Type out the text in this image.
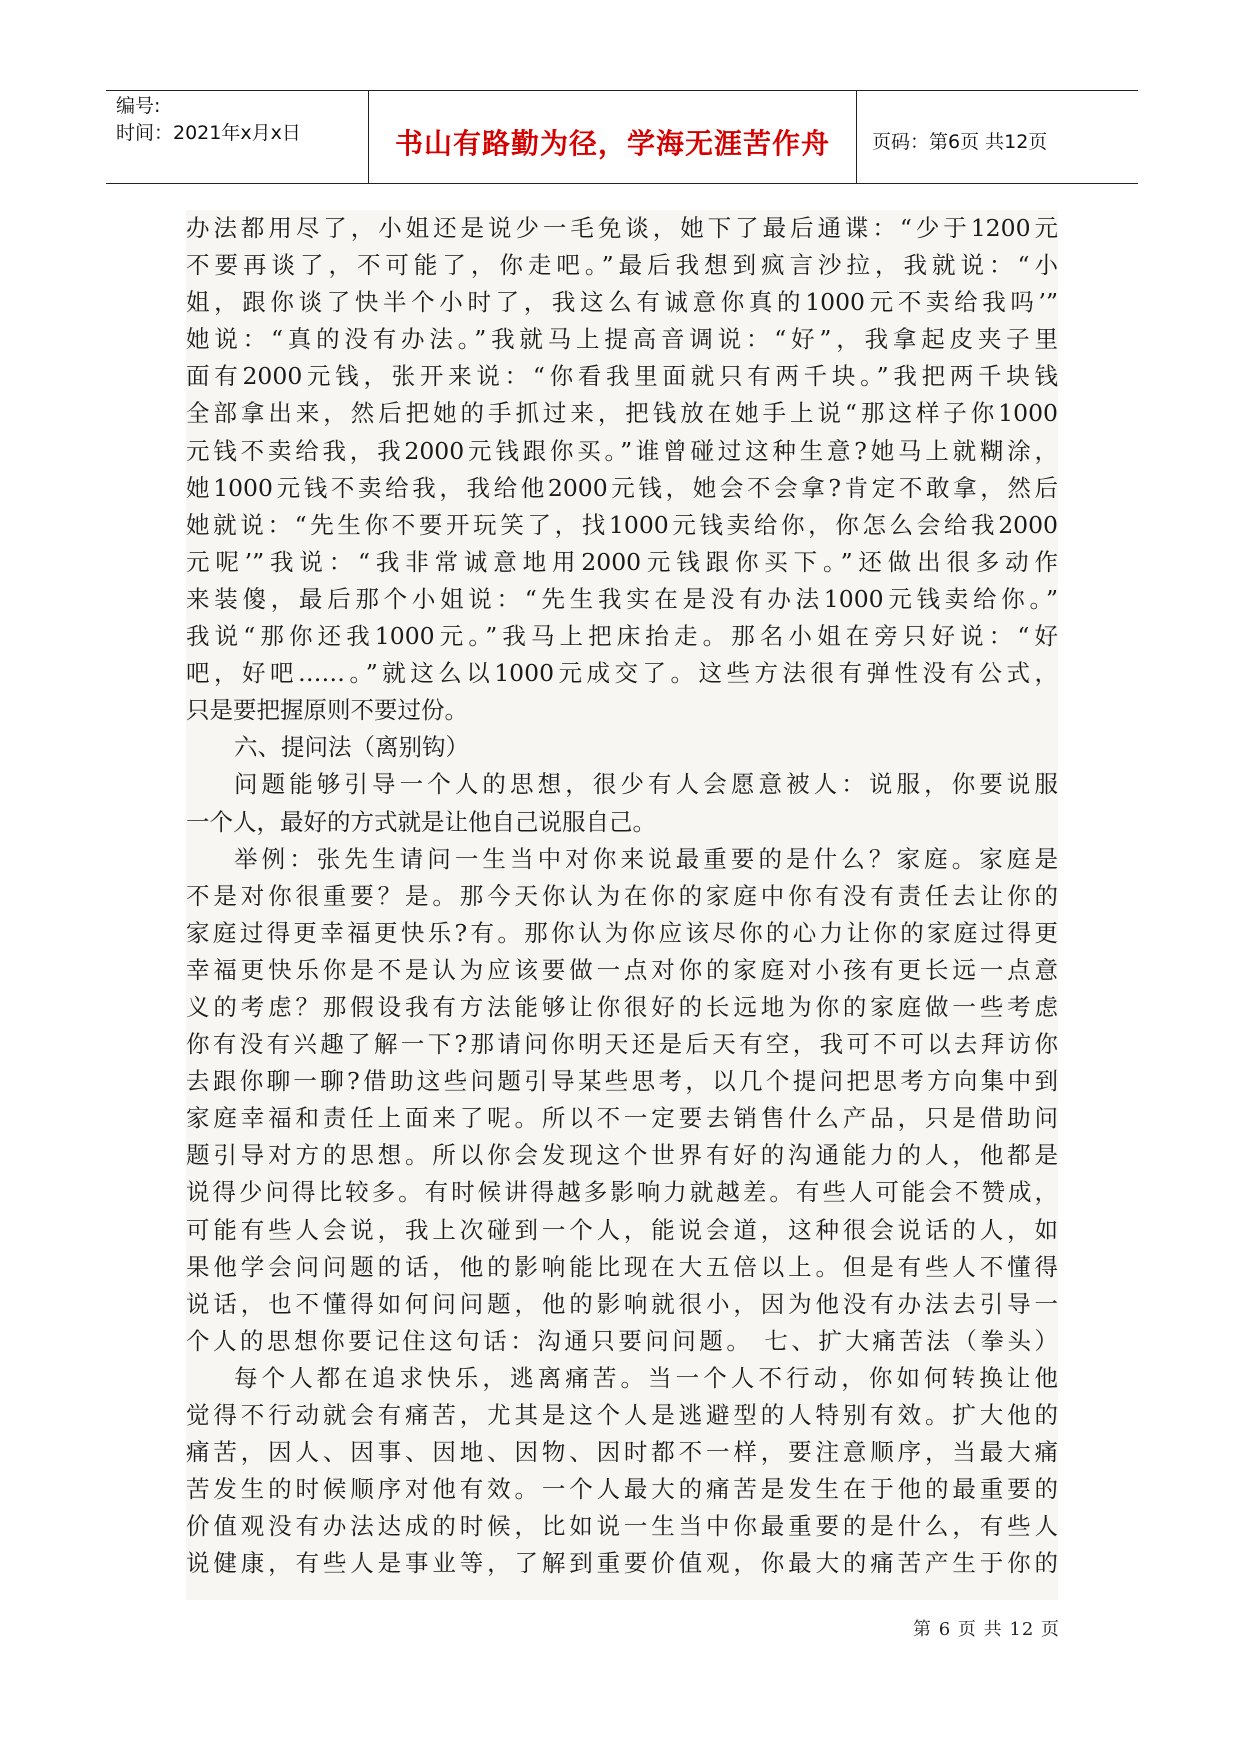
编号:
时间：2021年x月x日	书山有路勤为径，学海无涯苦作舟	页码：第6页 共12页
办法都用尽了，小姐还是说少一毛免谈，她下了最后通谍：“少于1200元
不要再谈了，不可能了，你走吧。”最后我想到疯言沙拉，我就说：“小
姐，跟你谈了快半个小时了，我这么有诚意你真的1000元不卖给我吗’”
她说：“真的没有办法。”我就马上提高音调说：“好”，我拿起皮夹子里
面有2000元钱，张开来说：“你看我里面就只有两千块。”我把两千块钱
全部拿出来，然后把她的手抓过来，把钱放在她手上说“那这样子你1000
元钱不卖给我，我2000元钱跟你买。”谁曾碰过这种生意?她马上就糊涂，
她1000元钱不卖给我，我给他2000元钱，她会不会拿?肯定不敢拿，然后
她就说：“先生你不要开玩笑了，找1000元钱卖给你，你怎么会给我2000
元呢’”我说：“我非常诚意地用2000元钱跟你买下。”还做出很多动作
来装傻，最后那个小姐说：“先生我实在是没有办法1000元钱卖给你。”
我说“那你还我1000元。”我马上把床抬走。那名小姐在旁只好说：“好
吧，好吧……。”就这么以1000元成交了。这些方法很有弹性没有公式，
只是要把握原则不要过份。
六、提问法（离别钩）
问题能够引导一个人的思想，很少有人会愿意被人：说服，你要说服
一个人，最好的方式就是让他自己说服自己。
举例：张先生请问一生当中对你来说最重要的是什么？家庭。家庭是
不是对你很重要？是。那今天你认为在你的家庭中你有没有责任去让你的
家庭过得更幸福更快乐?有。那你认为你应该尽你的心力让你的家庭过得更
幸福更快乐你是不是认为应该要做一点对你的家庭对小孩有更长远一点意
义的考虑？那假设我有方法能够让你很好的长远地为你的家庭做一些考虑
你有没有兴趣了解一下?那请问你明天还是后天有空，我可不可以去拜访你
去跟你聊一聊?借助这些问题引导某些思考，以几个提问把思考方向集中到
家庭幸福和责任上面来了呢。所以不一定要去销售什么产品，只是借助问
题引导对方的思想。所以你会发现这个世界有好的沟通能力的人，他都是
说得少问得比较多。有时候讲得越多影响力就越差。有些人可能会不赞成，
可能有些人会说，我上次碰到一个人，能说会道，这种很会说话的人，如
果他学会问问题的话，他的影响能比现在大五倍以上。但是有些人不懂得
说话，也不懂得如何问问题，他的影响就很小，因为他没有办法去引导一
个人的思想你要记住这句话：沟通只要问问题。 七、扩大痛苦法（拳头）
每个人都在追求快乐，逃离痛苦。当一个人不行动，你如何转换让他
觉得不行动就会有痛苦，尤其是这个人是逃避型的人特别有效。扩大他的
痛苦，因人、因事、因地、因物、因时都不一样，要注意顺序，当最大痛
苦发生的时候顺序对他有效。一个人最大的痛苦是发生在于他的最重要的
价值观没有办法达成的时候，比如说一生当中你最重要的是什么，有些人
说健康，有些人是事业等，了解到重要价值观，你最大的痛苦产生于你的
第 6 页 共 12 页
